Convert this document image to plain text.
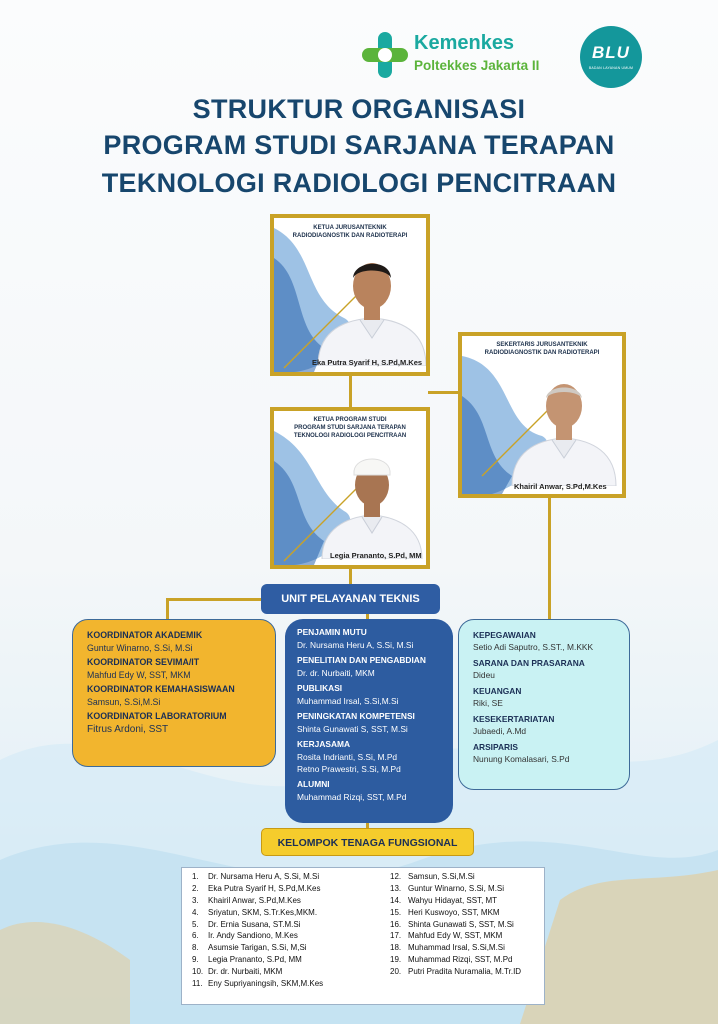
Kemenkes
Poltekkes Jakarta II
BLU
BADAN LAYANAN UMUM
STRUKTUR ORGANISASI
PROGRAM STUDI SARJANA TERAPAN
TEKNOLOGI RADIOLOGI PENCITRAAN
KETUA JURUSANTEKNIK
RADIODIAGNOSTIK DAN RADIOTERAPI
Eka Putra Syarif H, S.Pd,M.Kes
SEKERTARIS JURUSANTEKNIK
RADIODIAGNOSTIK DAN RADIOTERAPI
Khairil Anwar, S.Pd,M.Kes
KETUA PROGRAM STUDI
PROGRAM STUDI SARJANA TERAPAN
TEKNOLOGI RADIOLOGI PENCITRAAN
Legia Prananto, S.Pd, MM
UNIT PELAYANAN TEKNIS
KOORDINATOR AKADEMIK
Guntur Winarno, S.Si, M.Si
KOORDINATOR SEVIMA/IT
Mahfud Edy W, SST, MKM
KOORDINATOR KEMAHASISWAAN
Samsun, S.Si,M.Si
KOORDINATOR LABORATORIUM
Fitrus Ardoni, SST
PENJAMIN MUTU
Dr. Nursama Heru A, S.Si, M.Si
PENELITIAN DAN PENGABDIAN
Dr. dr. Nurbaiti, MKM
PUBLIKASI
Muhammad Irsal, S.Si,M.Si
PENINGKATAN KOMPETENSI
Shinta Gunawati S, SST, M.Si
KERJASAMA
Rosita Indrianti, S.Si, M.Pd
Retno Prawestri, S.Si, M.Pd
ALUMNI
Muhammad Rizqi, SST, M.Pd
KEPEGAWAIAN
Setio Adi Saputro, S.ST., M.KKK
SARANA DAN PRASARANA
Dideu
KEUANGAN
Riki, SE
KESEKERTARIATAN
Jubaedi, A.Md
ARSIPARIS
Nunung Komalasari, S.Pd
KELOMPOK TENAGA FUNGSIONAL
1. Dr. Nursama Heru A, S.Si, M.Si
2. Eka Putra Syarif H, S.Pd,M.Kes
3. Khairil Anwar, S.Pd,M.Kes
4. Sriyatun, SKM, S.Tr.Kes,MKM.
5. Dr. Ernia Susana, ST.M.Si
6. Ir. Andy Sandiono, M.Kes
8. Asumsie Tarigan, S.Si, M,Si
9. Legia Prananto, S.Pd, MM
10. Dr. dr. Nurbaiti, MKM
11. Eny Supriyaningsih, SKM,M.Kes
12. Samsun, S.Si,M.Si
13. Guntur Winarno, S.Si, M.Si
14. Wahyu Hidayat, SST, MT
15. Heri Kuswoyo, SST, MKM
16. Shinta Gunawati S, SST, M.Si
17. Mahfud Edy W, SST, MKM
18. Muhammad Irsal, S.Si,M.Si
19. Muhammad Rizqi, SST, M.Pd
20. Putri Pradita Nuramalia, M.Tr.ID
